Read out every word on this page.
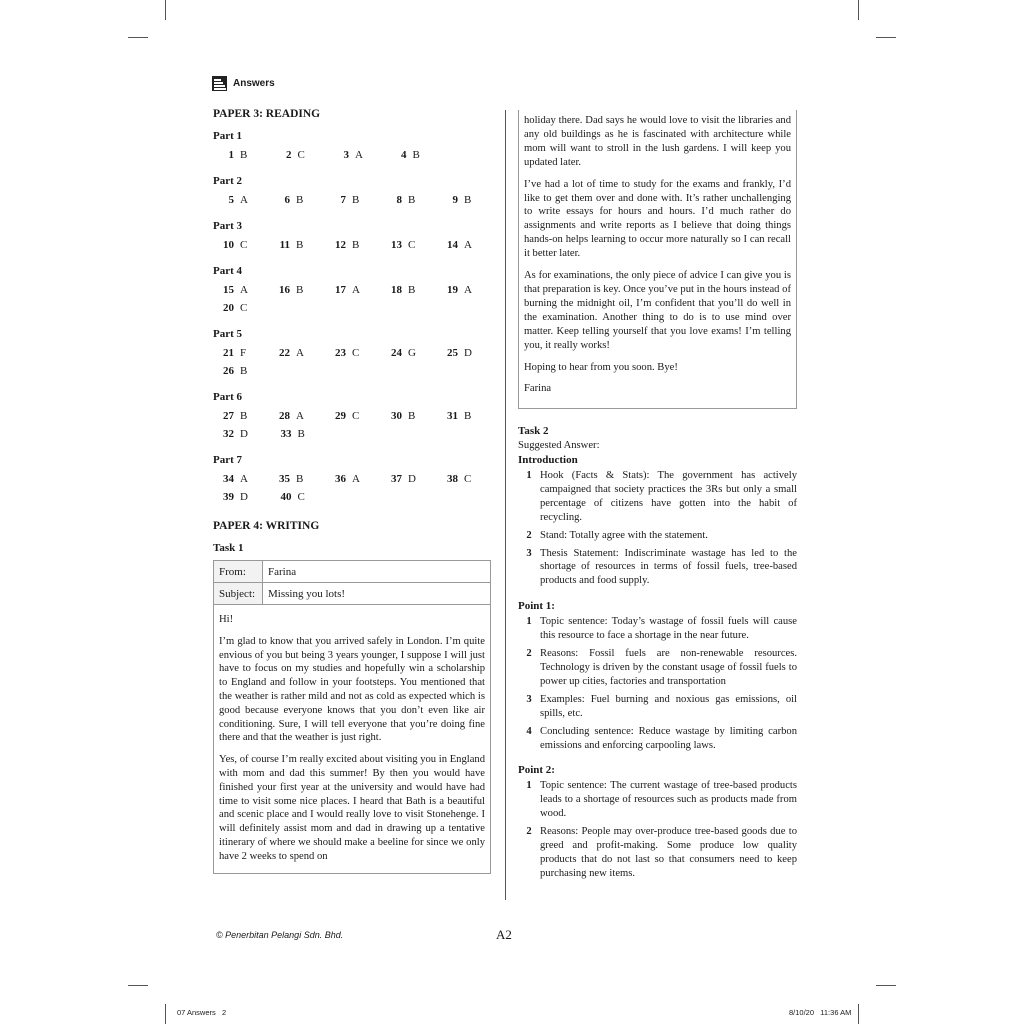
Answers
PAPER 3: READING
Part 1
1 B	2 C	3 A	4 B
Part 2
5 A	6 B	7 B	8 B	9 B
Part 3
10 C	11 B	12 B	13 C	14 A
Part 4
15 A	16 B	17 A	18 B	19 A
20 C
Part 5
21 F	22 A	23 C	24 G	25 D
26 B
Part 6
27 B	28 A	29 C	30 B	31 B
32 D	33 B
Part 7
34 A	35 B	36 A	37 D	38 C
39 D	40 C
PAPER 4: WRITING
Task 1
From:	Farina
Subject:	Missing you lots!

Hi!

I’m glad to know that you arrived safely in London. I’m quite envious of you but being 3 years younger, I suppose I will just have to focus on my studies and hopefully win a scholarship to England and follow in your footsteps. You mentioned that the weather is rather mild and not as cold as expected which is good because everyone knows that you don’t even like air conditioning. Sure, I will tell everyone that you’re doing fine there and that the weather is just right.

Yes, of course I’m really excited about visiting you in England with mom and dad this summer! By then you would have finished your first year at the university and would have had time to visit some nice places. I heard that Bath is a beautiful and scenic place and I would really love to visit Stonehenge. I will definitely assist mom and dad in drawing up a tentative itinerary of where we should make a beeline for since we only have 2 weeks to spend on

holiday there. Dad says he would love to visit the libraries and any old buildings as he is fascinated with architecture while mom will want to stroll in the lush gardens. I will keep you updated later.

I’ve had a lot of time to study for the exams and frankly, I’d like to get them over and done with. It’s rather unchallenging to write essays for hours and hours. I’d much rather do assignments and write reports as I believe that doing things hands-on helps learning to occur more naturally so I can recall it better later.

As for examinations, the only piece of advice I can give you is that preparation is key. Once you’ve put in the hours instead of burning the midnight oil, I’m confident that you’ll do well in the examination. Another thing to do is to use mind over matter. Keep telling yourself that you love exams! I’m telling you, it really works!

Hoping to hear from you soon. Bye!

Farina

Task 2
Suggested Answer:
Introduction
1 Hook (Facts & Stats): The government has actively campaigned that society practices the 3Rs but only a small percentage of citizens have gotten into the habit of recycling.
2 Stand: Totally agree with the statement.
3 Thesis Statement: Indiscriminate wastage has led to the shortage of resources in terms of fossil fuels, tree-based products and food supply.
Point 1:
1 Topic sentence: Today’s wastage of fossil fuels will cause this resource to face a shortage in the near future.
2 Reasons: Fossil fuels are non-renewable resources. Technology is driven by the constant usage of fossil fuels to power up cities, factories and transportation
3 Examples: Fuel burning and noxious gas emissions, oil spills, etc.
4 Concluding sentence: Reduce wastage by limiting carbon emissions and enforcing carpooling laws.
Point 2:
1 Topic sentence: The current wastage of tree-based products leads to a shortage of resources such as products made from wood.
2 Reasons: People may over-produce tree-based goods due to greed and profit-making. Some produce low quality products that do not last so that consumers need to keep purchasing new items.
© Penerbitan Pelangi Sdn. Bhd.	A2
07 Answers   2	8/10/20   11:36 AM
